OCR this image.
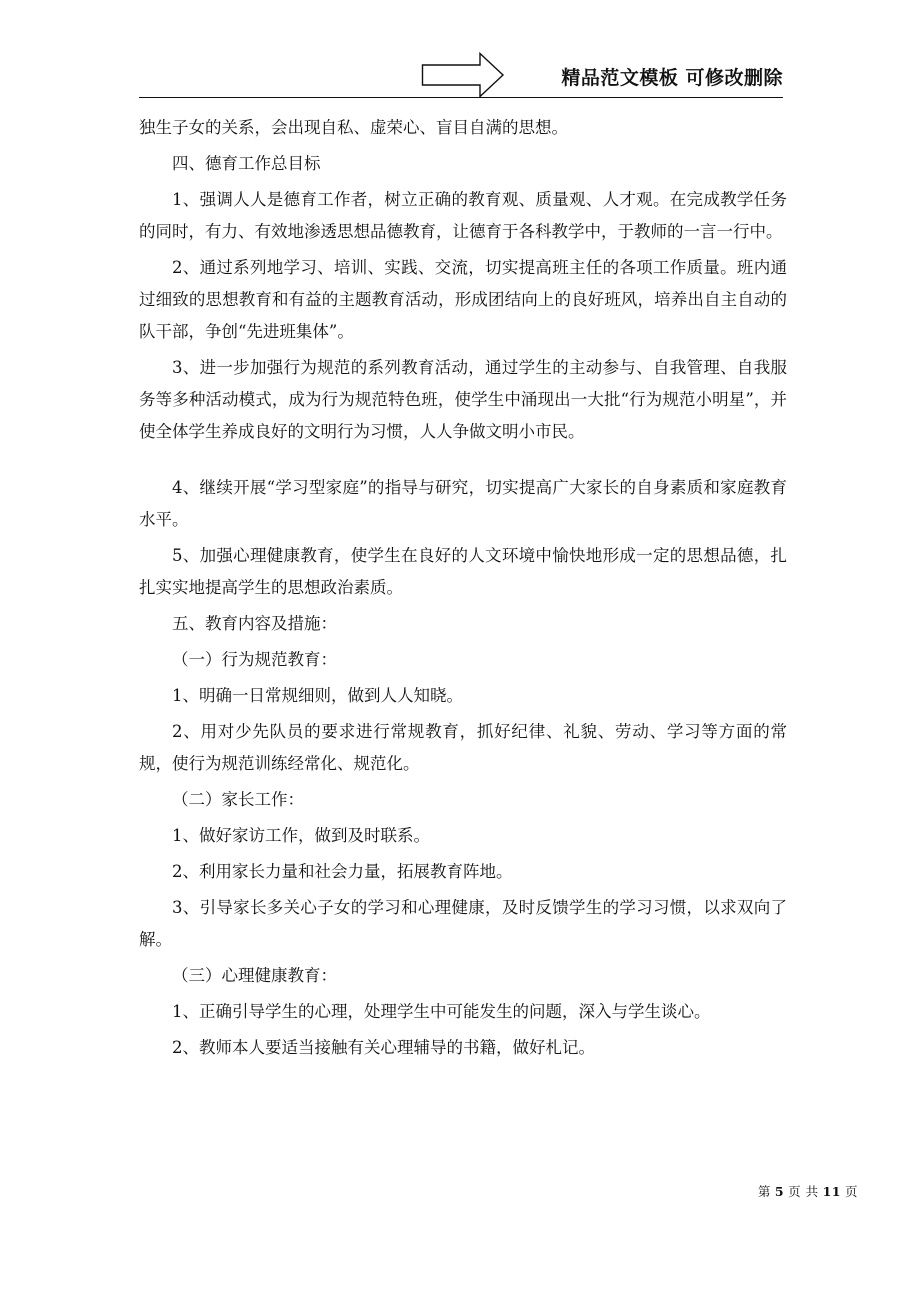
精品范文模板 可修改删除

独生子女的关系，会出现自私、虚荣心、盲目自满的思想。

四、德育工作总目标

1、强调人人是德育工作者，树立正确的教育观、质量观、人才观。在完成教学任务的同时，有力、有效地渗透思想品德教育，让德育于各科教学中，于教师的一言一行中。

2、通过系列地学习、培训、实践、交流，切实提高班主任的各项工作质量。班内通过细致的思想教育和有益的主题教育活动，形成团结向上的良好班风，培养出自主自动的队干部，争创“先进班集体”。

3、进一步加强行为规范的系列教育活动，通过学生的主动参与、自我管理、自我服务等多种活动模式，成为行为规范特色班，使学生中涌现出一大批“行为规范小明星”，并使全体学生养成良好的文明行为习惯，人人争做文明小市民。

4、继续开展“学习型家庭”的指导与研究，切实提高广大家长的自身素质和家庭教育水平。

5、加强心理健康教育，使学生在良好的人文环境中愉快地形成一定的思想品德，扎扎实实地提高学生的思想政治素质。

五、教育内容及措施：

（一）行为规范教育：

1、明确一日常规细则，做到人人知晓。

2、用对少先队员的要求进行常规教育，抓好纪律、礼貌、劳动、学习等方面的常规，使行为规范训练经常化、规范化。

（二）家长工作：

1、做好家访工作，做到及时联系。

2、利用家长力量和社会力量，拓展教育阵地。

3、引导家长多关心子女的学习和心理健康，及时反馈学生的学习习惯，以求双向了解。

（三）心理健康教育：

1、正确引导学生的心理，处理学生中可能发生的问题，深入与学生谈心。

2、教师本人要适当接触有关心理辅导的书籍，做好札记。

第 5 页 共 11 页
